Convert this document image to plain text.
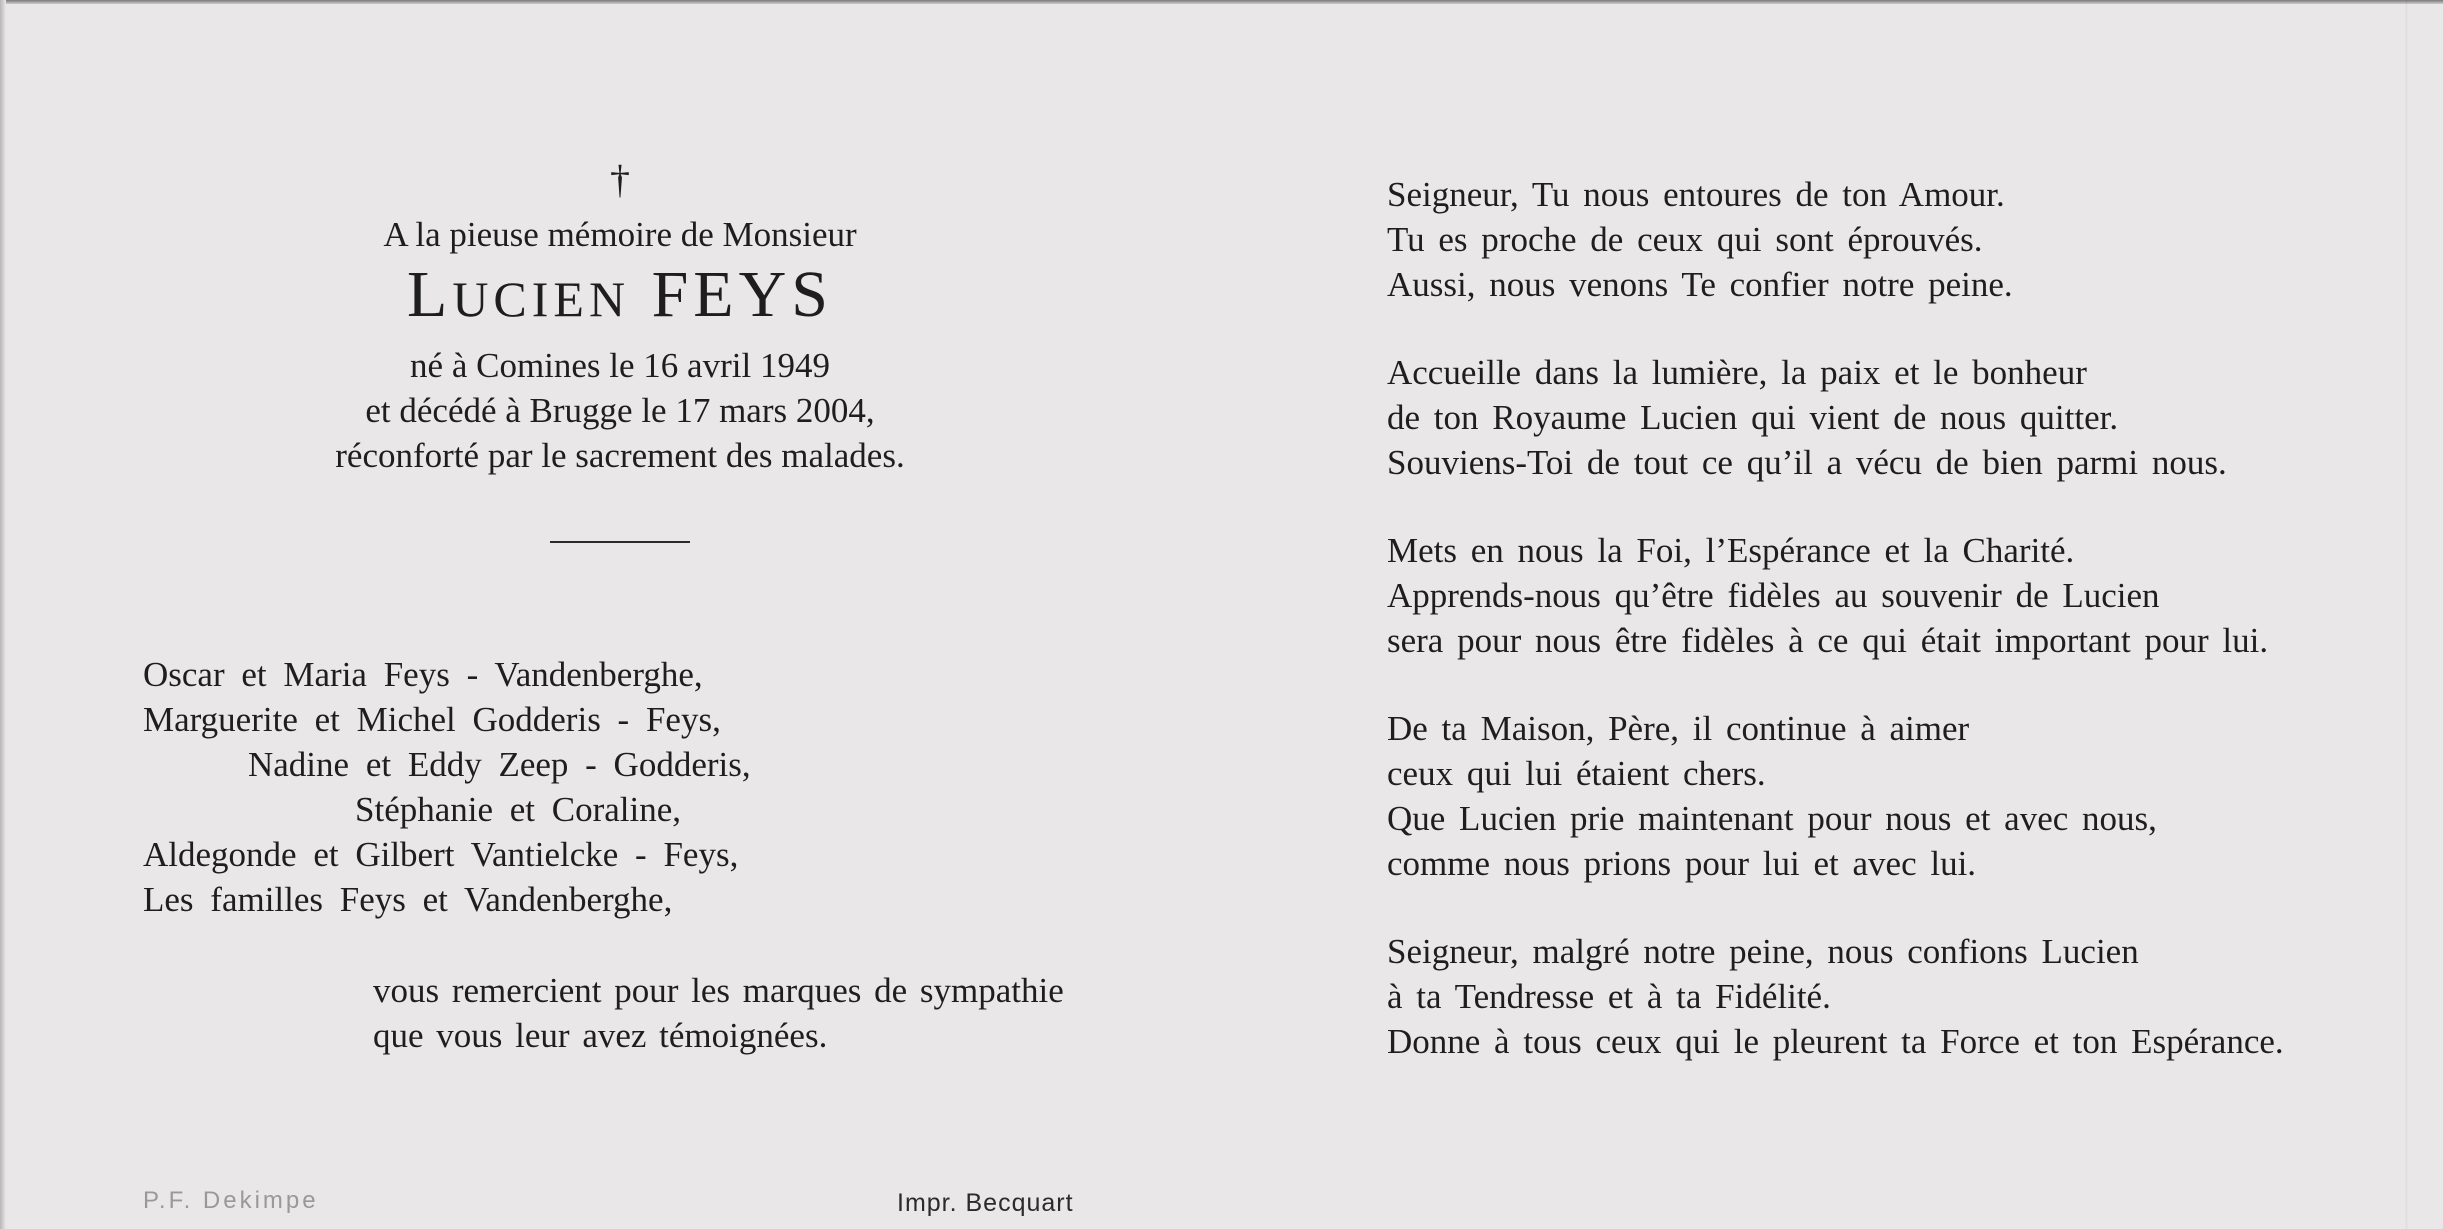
†
A la pieuse mémoire de Monsieur
LUCIEN FEYS
né à Comines le 16 avril 1949
et décédé à Brugge le 17 mars 2004,
réconforté par le sacrement des malades.
Oscar et Maria Feys - Vandenberghe,
Marguerite et Michel Godderis - Feys,
Nadine et Eddy Zeep - Godderis,
Stéphanie et Coraline,
Aldegonde et Gilbert Vantielcke - Feys,
Les familles Feys et Vandenberghe,
vous remercient pour les marques de sympathie
que vous leur avez témoignées.
P.F. Dekimpe	Impr. Becquart
Seigneur, Tu nous entoures de ton Amour.
Tu es proche de ceux qui sont éprouvés.
Aussi, nous venons Te confier notre peine.
Accueille dans la lumière, la paix et le bonheur
de ton Royaume Lucien qui vient de nous quitter.
Souviens-Toi de tout ce qu’il a vécu de bien parmi nous.
Mets en nous la Foi, l’Espérance et la Charité.
Apprends-nous qu’être fidèles au souvenir de Lucien
sera pour nous être fidèles à ce qui était important pour lui.
De ta Maison, Père, il continue à aimer
ceux qui lui étaient chers.
Que Lucien prie maintenant pour nous et avec nous,
comme nous prions pour lui et avec lui.
Seigneur, malgré notre peine, nous confions Lucien
à ta Tendresse et à ta Fidélité.
Donne à tous ceux qui le pleurent ta Force et ton Espérance.
